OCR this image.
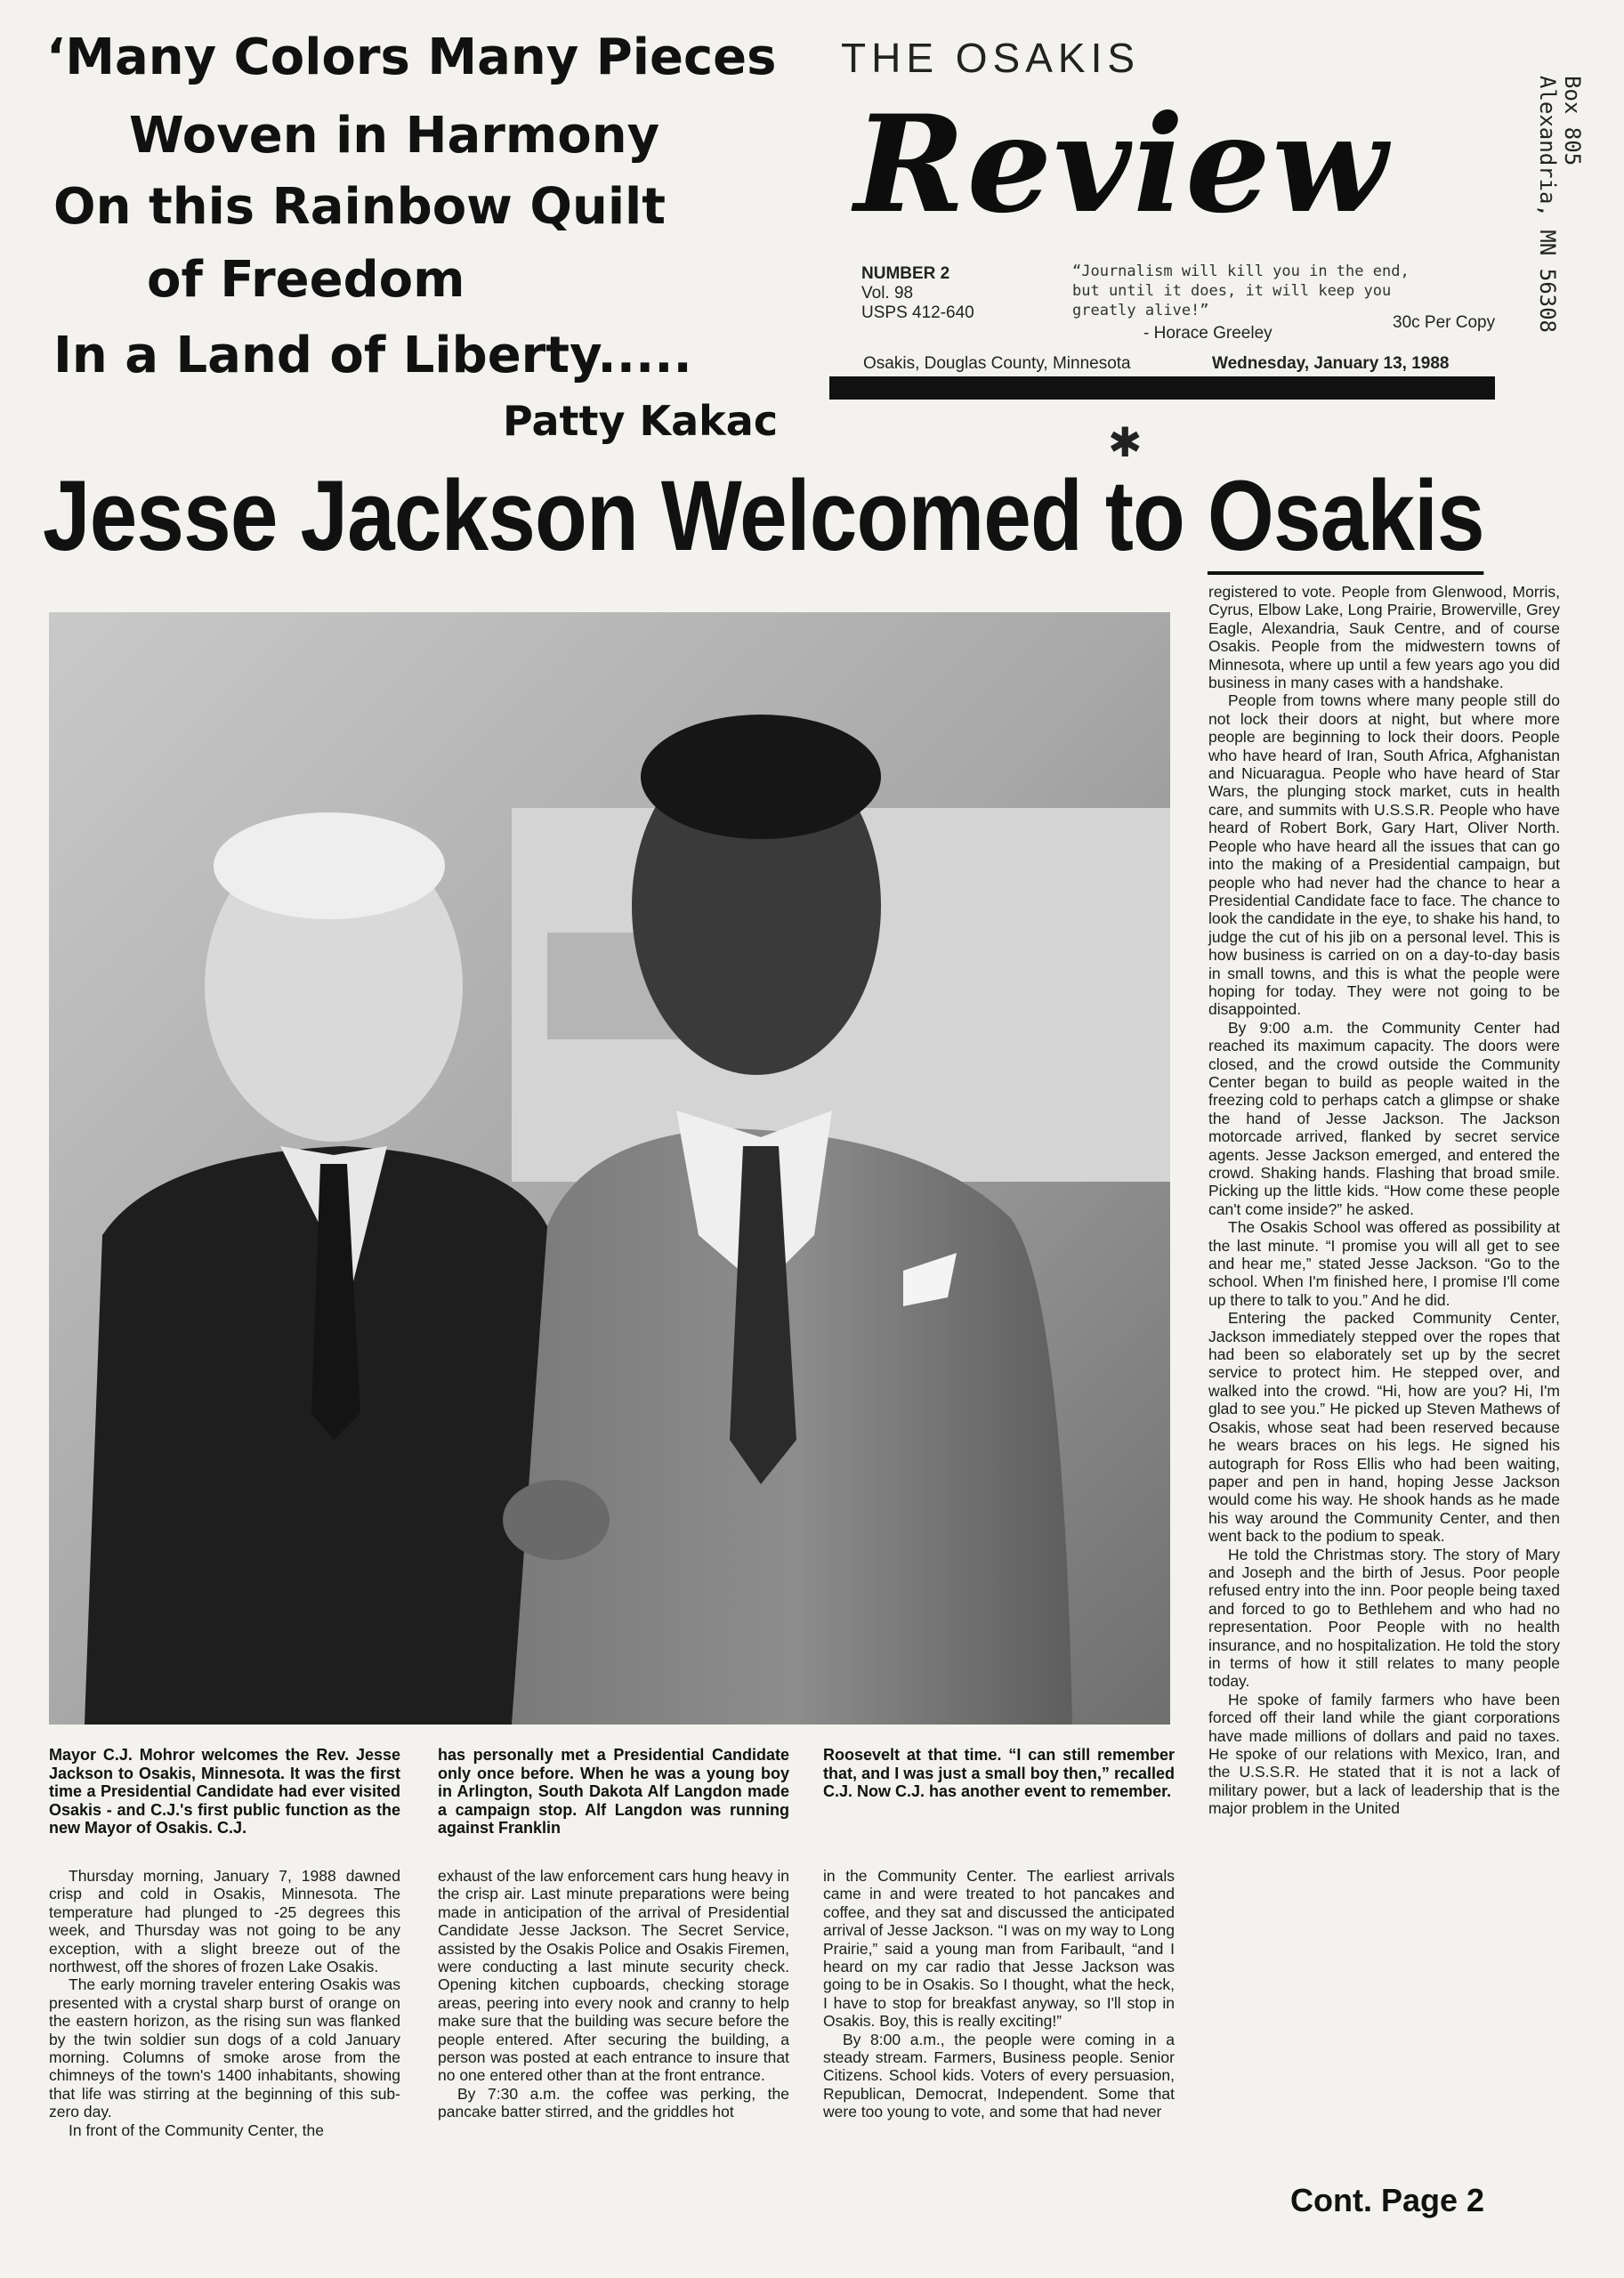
‘Many Colors Many Pieces
Woven in Harmony
On this Rainbow Quilt
of Freedom
In a Land of Liberty.....
Patty Kakac
THE OSAKIS
Review
NUMBER 2
Vol. 98
USPS 412-640
“Journalism will kill you in the end,
but until it does, it will keep you
greatly alive!”
- Horace Greeley
30c Per Copy
Osakis, Douglas County, Minnesota	Wednesday, January 13, 1988
Box 805
Alexandria, MN 56308
✱
Jesse Jackson Welcomed to Osakis
Mayor C.J. Mohror welcomes the Rev. Jesse Jackson to Osakis, Minnesota. It was the first time a Presidential Candidate had ever visited Osakis - and C.J.'s first public function as the new Mayor of Osakis. C.J.
has personally met a Presidential Candidate only once before. When he was a young boy in Arlington, South Dakota Alf Langdon made a campaign stop. Alf Langdon was running against Franklin
Roosevelt at that time. “I can still remember that, and I was just a small boy then,” recalled C.J. Now C.J. has another event to remember.

Thursday morning, January 7, 1988 dawned crisp and cold in Osakis, Minnesota. The temperature had plunged to -25 degrees this week, and Thursday was not going to be any exception, with a slight breeze out of the northwest, off the shores of frozen Lake Osakis.

The early morning traveler entering Osakis was presented with a crystal sharp burst of orange on the eastern horizon, as the rising sun was flanked by the twin soldier sun dogs of a cold January morning. Columns of smoke arose from the chimneys of the town's 1400 inhabitants, showing that life was stirring at the beginning of this sub-zero day.

In front of the Community Center, the

exhaust of the law enforcement cars hung heavy in the crisp air. Last minute preparations were being made in anticipation of the arrival of Presidential Candidate Jesse Jackson. The Secret Service, assisted by the Osakis Police and Osakis Firemen, were conducting a last minute security check. Opening kitchen cupboards, checking storage areas, peering into every nook and cranny to help make sure that the building was secure before the people entered. After securing the building, a person was posted at each entrance to insure that no one entered other than at the front entrance.

By 7:30 a.m. the coffee was perking, the pancake batter stirred, and the griddles hot

in the Community Center. The earliest arrivals came in and were treated to hot pancakes and coffee, and they sat and discussed the anticipated arrival of Jesse Jackson. “I was on my way to Long Prairie,” said a young man from Faribault, “and I heard on my car radio that Jesse Jackson was going to be in Osakis. So I thought, what the heck, I have to stop for breakfast anyway, so I'll stop in Osakis. Boy, this is really exciting!”

By 8:00 a.m., the people were coming in a steady stream. Farmers, Business people. Senior Citizens. School kids. Voters of every persuasion, Republican, Democrat, Independent. Some that were too young to vote, and some that had never

registered to vote. People from Glenwood, Morris, Cyrus, Elbow Lake, Long Prairie, Browerville, Grey Eagle, Alexandria, Sauk Centre, and of course Osakis. People from the midwestern towns of Minnesota, where up until a few years ago you did business in many cases with a handshake.

People from towns where many people still do not lock their doors at night, but where more people are beginning to lock their doors. People who have heard of Iran, South Africa, Afghanistan and Nicuaragua. People who have heard of Star Wars, the plunging stock market, cuts in health care, and summits with U.S.S.R. People who have heard of Robert Bork, Gary Hart, Oliver North. People who have heard all the issues that can go into the making of a Presidential campaign, but people who had never had the chance to hear a Presidential Candidate face to face. The chance to look the candidate in the eye, to shake his hand, to judge the cut of his jib on a personal level. This is how business is carried on on a day-to-day basis in small towns, and this is what the people were hoping for today. They were not going to be disappointed.

By 9:00 a.m. the Community Center had reached its maximum capacity. The doors were closed, and the crowd outside the Community Center began to build as people waited in the freezing cold to perhaps catch a glimpse or shake the hand of Jesse Jackson. The Jackson motorcade arrived, flanked by secret service agents. Jesse Jackson emerged, and entered the crowd. Shaking hands. Flashing that broad smile. Picking up the little kids. “How come these people can't come inside?” he asked.

The Osakis School was offered as possibility at the last minute. “I promise you will all get to see and hear me,” stated Jesse Jackson. “Go to the school. When I'm finished here, I promise I'll come up there to talk to you.” And he did.

Entering the packed Community Center, Jackson immediately stepped over the ropes that had been so elaborately set up by the secret service to protect him. He stepped over, and walked into the crowd. “Hi, how are you? Hi, I'm glad to see you.” He picked up Steven Mathews of Osakis, whose seat had been reserved because he wears braces on his legs. He signed his autograph for Ross Ellis who had been waiting, paper and pen in hand, hoping Jesse Jackson would come his way. He shook hands as he made his way around the Community Center, and then went back to the podium to speak.

He told the Christmas story. The story of Mary and Joseph and the birth of Jesus. Poor people refused entry into the inn. Poor people being taxed and forced to go to Bethlehem and who had no representation. Poor People with no health insurance, and no hospitalization. He told the story in terms of how it still relates to many people today.

He spoke of family farmers who have been forced off their land while the giant corporations have made millions of dollars and paid no taxes. He spoke of our relations with Mexico, Iran, and the U.S.S.R. He stated that it is not a lack of military power, but a lack of leadership that is the major problem in the United

Cont. Page 2
